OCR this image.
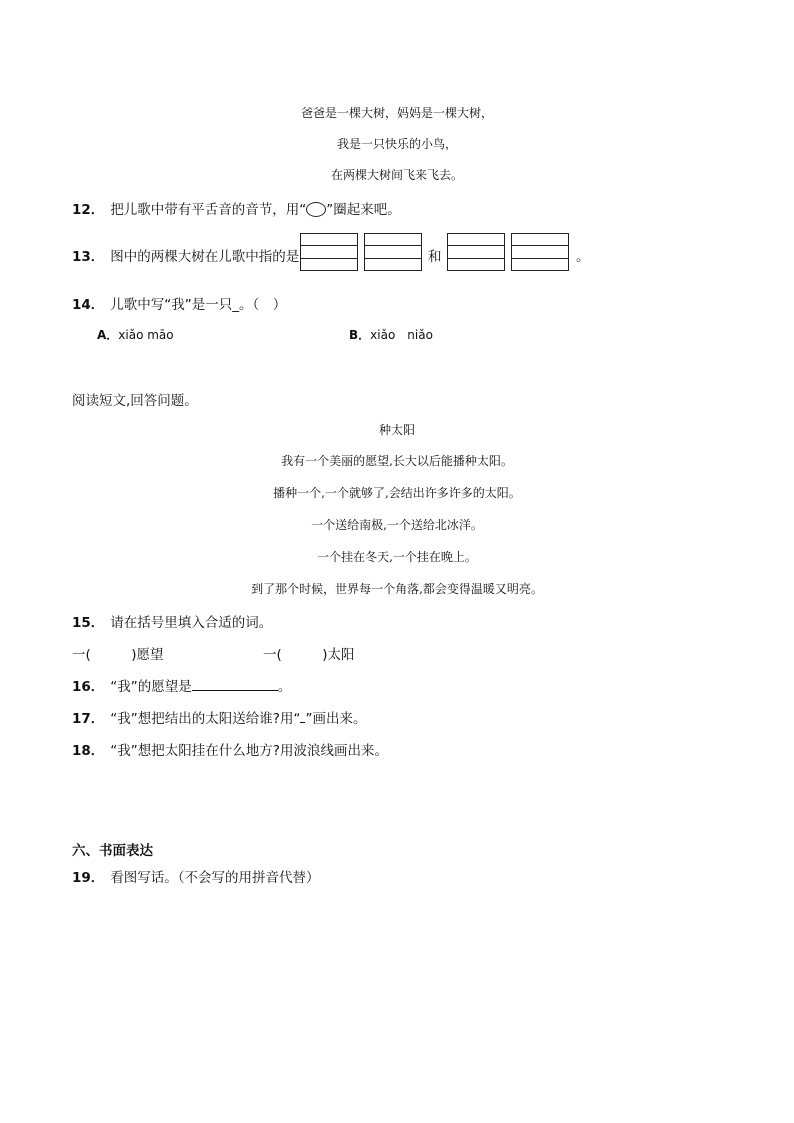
爸爸是一棵大树，妈妈是一棵大树，
我是一只快乐的小鸟，
在两棵大树间飞来飞去。
12． 把儿歌中带有平舌音的音节，用“ ”圈起来吧。
13． 图中的两棵大树在儿歌中指的是	和	。
14． 儿歌中写“我”是一只_。（　）
A．xiǎo māo	B．xiǎo　niǎo
阅读短文,回答问题。
种太阳
我有一个美丽的愿望,长大以后能播种太阳。
播种一个,一个就够了,会结出许多许多的太阳。
一个送给南极,一个送给北冰洋。
一个挂在冬天,一个挂在晚上。
到了那个时候，世界每一个角落,都会变得温暖又明亮。
15． 请在括号里填入合适的词。
一(　　　)愿望	一(　　　)太阳
16． “我”的愿望是	。
17． “我”想把结出的太阳送给谁?用“ ”画出来。
18． “我”想把太阳挂在什么地方?用波浪线画出来。
六、书面表达
19． 看图写话。（不会写的用拼音代替）
